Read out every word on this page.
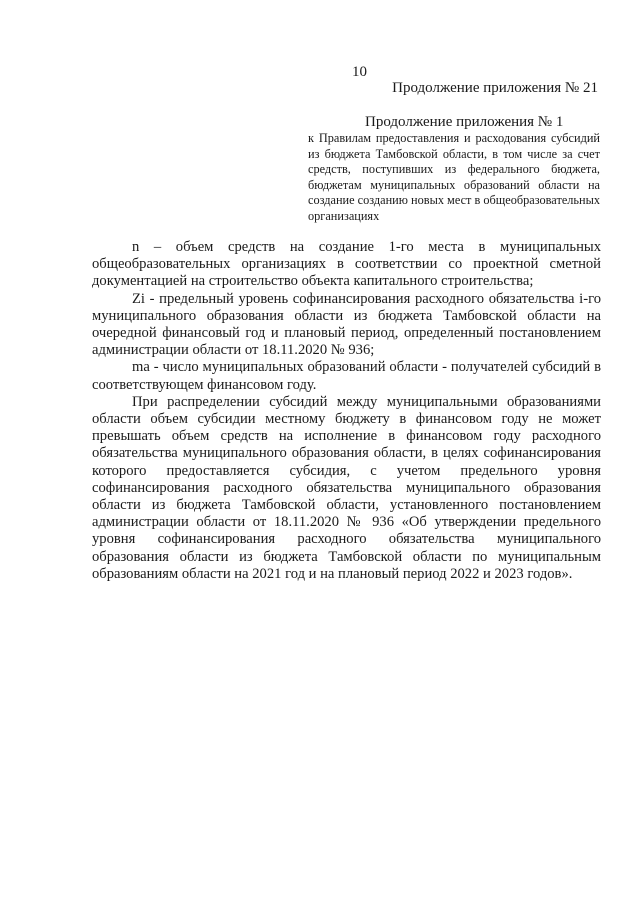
10
Продолжение приложения № 21
Продолжение приложения № 1
к Правилам предоставления и расходования субсидий из бюджета Тамбовской области, в том числе за счет средств, поступивших из федерального бюджета, бюджетам муниципальных образований области на создание созданию новых мест в общеобразовательных организациях

n – объем средств на создание 1-го места в муниципальных общеобразовательных организациях в соответствии со проектной сметной документацией на строительство объекта капитального строительства;

Zi - предельный уровень софинансирования расходного обязательства i-го муниципального образования области из бюджета Тамбовской области на очередной финансовый год и плановый период, определенный постановлением администрации области от 18.11.2020 № 936;

ma - число муниципальных образований области - получателей субсидий в соответствующем финансовом году.

При распределении субсидий между муниципальными образованиями области объем субсидии местному бюджету в финансовом году не может превышать объем средств на исполнение в финансовом году расходного обязательства муниципального образования области, в целях софинансирования которого предоставляется субсидия, с учетом предельного уровня софинансирования расходного обязательства муниципального образования области из бюджета Тамбовской области, установленного постановлением администрации области от 18.11.2020 № 936 «Об утверждении предельного уровня софинансирования расходного обязательства муниципального образования области из бюджета Тамбовской области по муниципальным образованиям области на 2021 год и на плановый период 2022 и 2023 годов».
